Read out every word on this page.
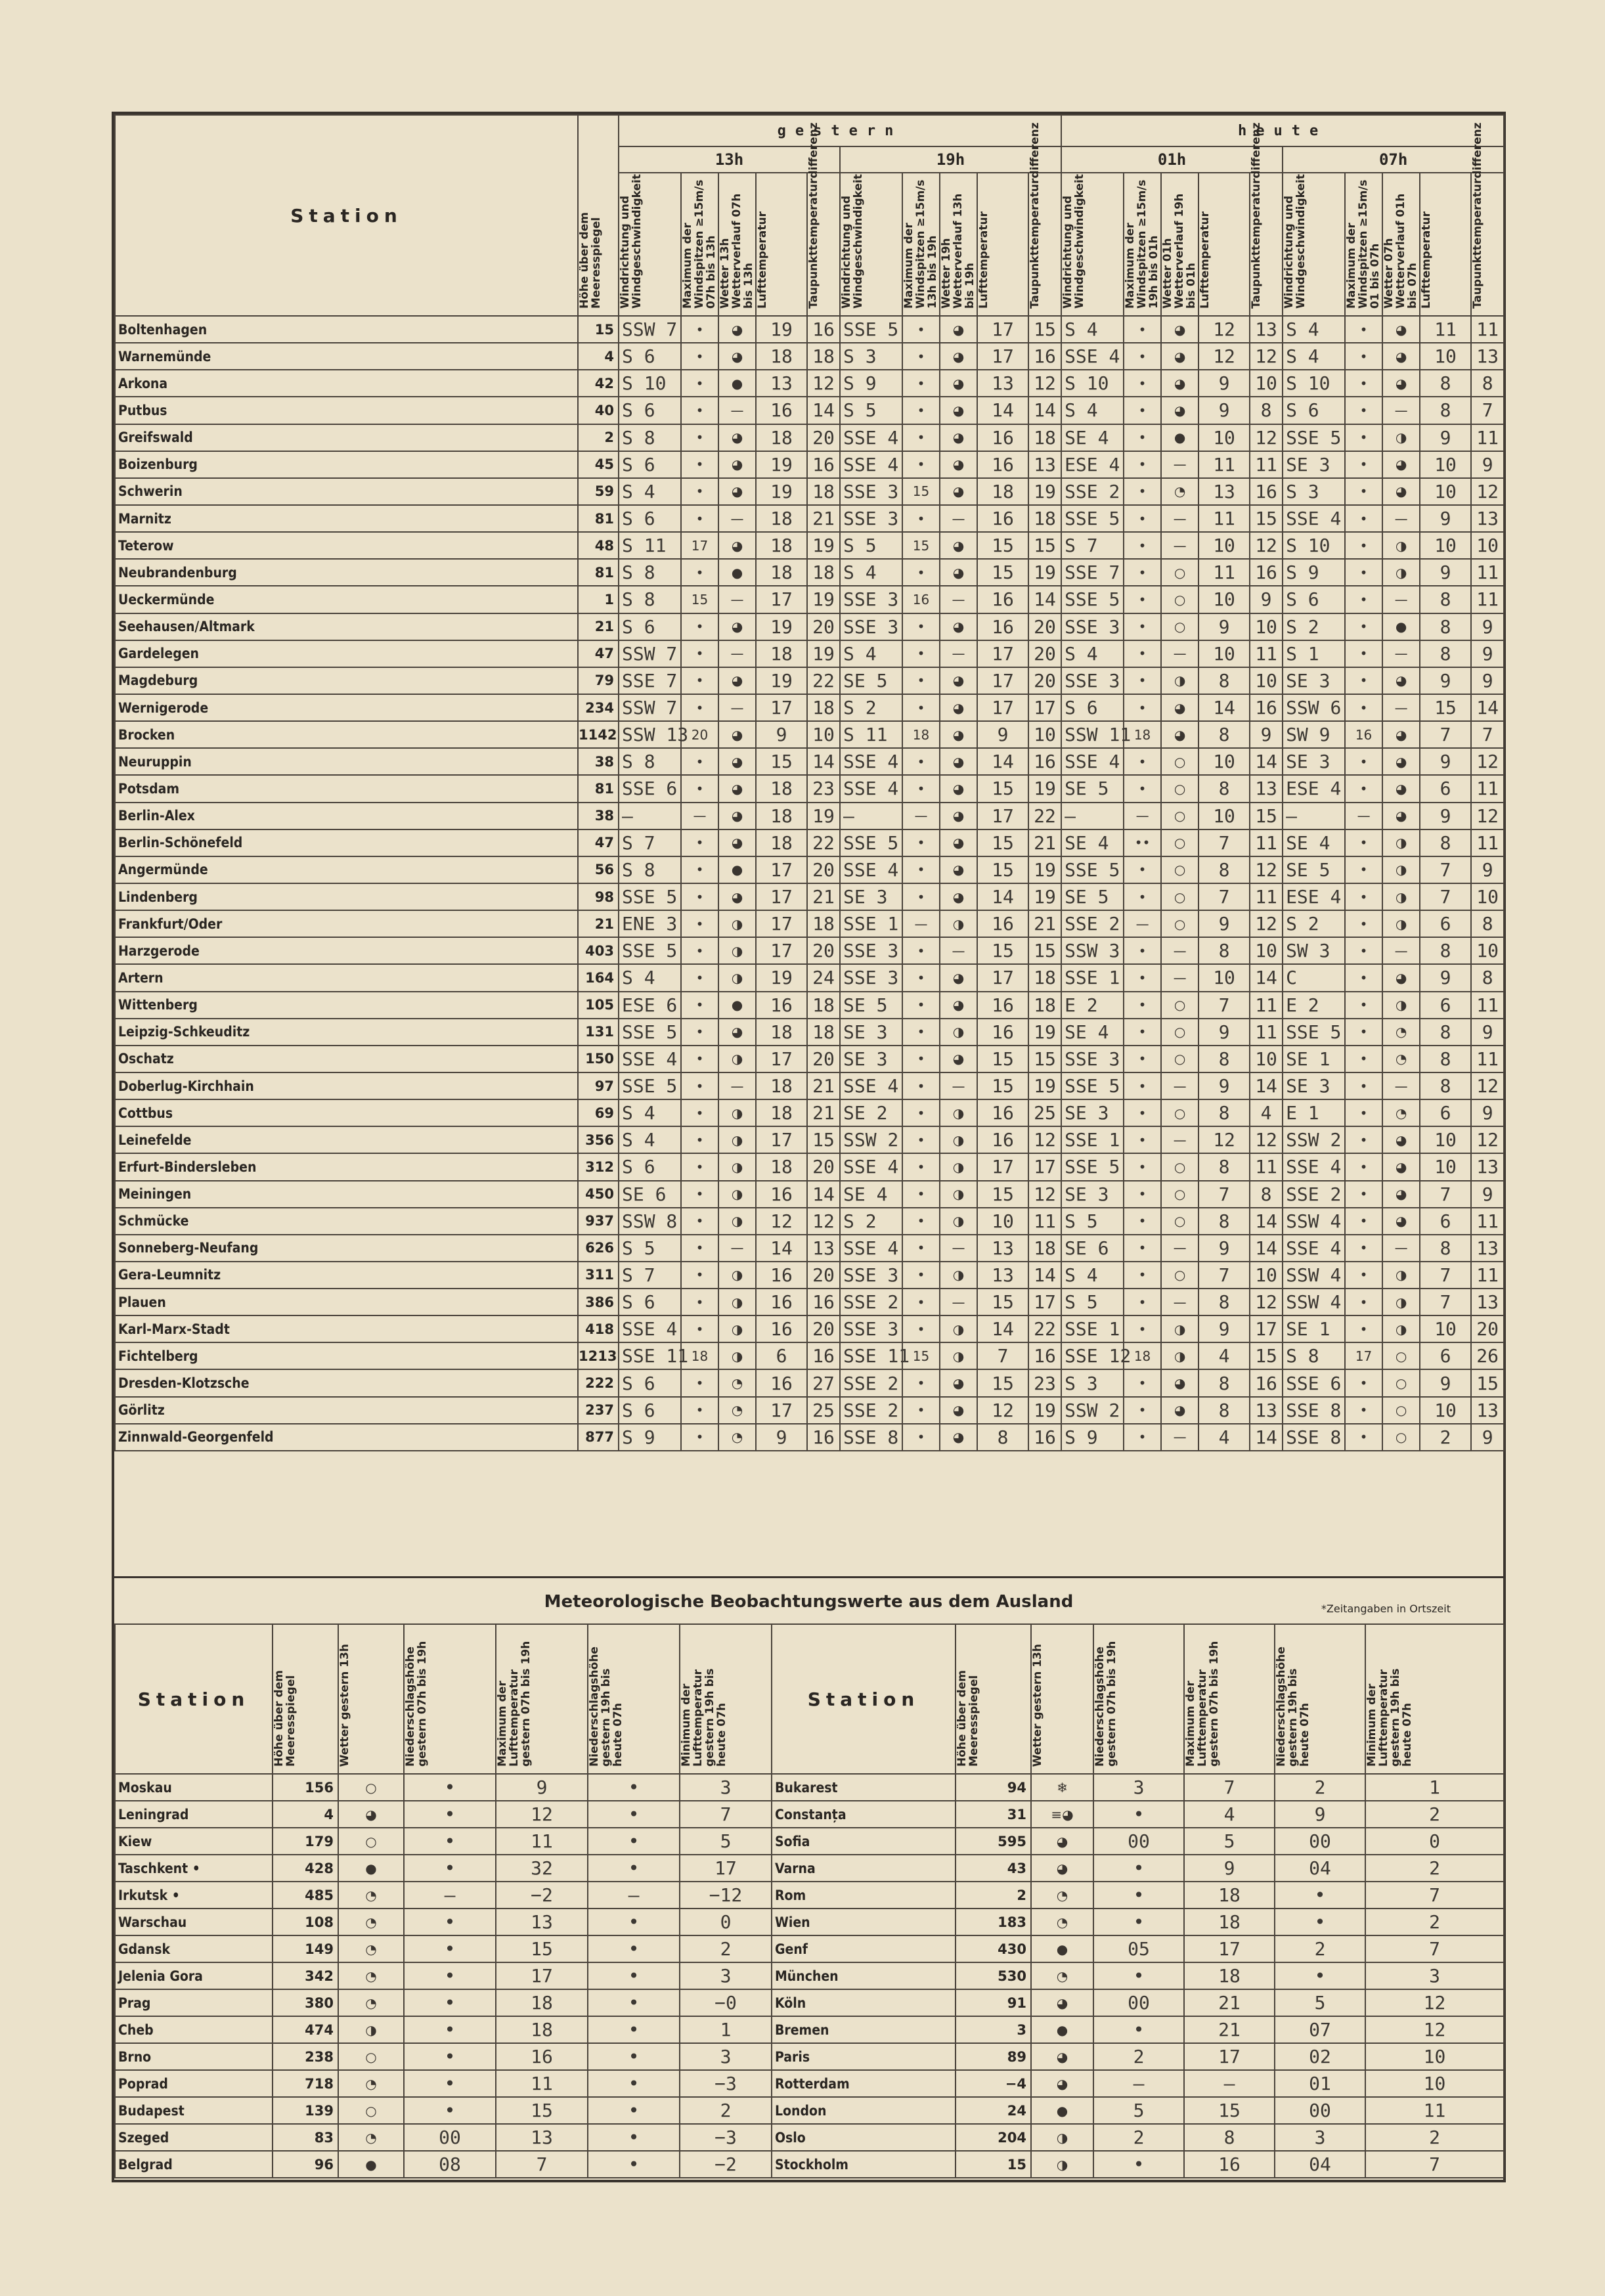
Station	Höhe über dem Meeresspiegel	gestern										heute									
		13h					19h					01h					07h				
		Windrichtung und Windgeschwindigkeit	Maximum der Windspitzen ≥15m/s 07h bis 13h	Wetter 13h Wetterverlauf 07h bis 13h	Lufttemperatur	Taupunkttemperaturdifferenz	Windrichtung und Windgeschwindigkeit	Maximum der Windspitzen ≥15m/s 13h bis 19h	Wetter 19h Wetterverlauf 13h bis 19h	Lufttemperatur	Taupunkttemperaturdifferenz	Windrichtung und Windgeschwindigkeit	Maximum der Windspitzen ≥15m/s 19h bis 01h	Wetter 01h Wetterverlauf 19h bis 01h	Lufttemperatur	Taupunkttemperaturdifferenz	Windrichtung und Windgeschwindigkeit	Maximum der Windspitzen ≥15m/s 01 bis 07h	Wetter 07h Wetterverlauf 01h bis 07h	Lufttemperatur	Taupunkttemperaturdifferenz
Boltenhagen	15	SSW 7	•	◕	19	16	SSE 5	•	◕	17	15	S 4	•	◕	12	13	S 4	•	◕	11	11
Warnemünde	4	S 6	•	◕	18	18	S 3	•	◕	17	16	SSE 4	•	◕	12	12	S 4	•	◕	10	13
Arkona	42	S 10	•	●	13	12	S 9	•	◕	13	12	S 10	•	◕	9	10	S 10	•	◕	8	8
Putbus	40	S 6	•	—	16	14	S 5	•	◕	14	14	S 4	•	◕	9	8	S 6	•	—	8	7
Greifswald	2	S 8	•	◕	18	20	SSE 4	•	◕	16	18	SE 4	•	●	10	12	SSE 5	•	◑	9	11
Boizenburg	45	S 6	•	◕	19	16	SSE 4	•	◕	16	13	ESE 4	•	—	11	11	SE 3	•	◕	10	9
Schwerin	59	S 4	•	◕	19	18	SSE 3	15	◕	18	19	SSE 2	•	◔	13	16	S 3	•	◕	10	12
Marnitz	81	S 6	•	—	18	21	SSE 3	•	—	16	18	SSE 5	•	—	11	15	SSE 4	•	—	9	13
Teterow	48	S 11	17	◕	18	19	S 5	15	◕	15	15	S 7	•	—	10	12	S 10	•	◑	10	10
Neubrandenburg	81	S 8	•	●	18	18	S 4	•	◕	15	19	SSE 7	•	○	11	16	S 9	•	◑	9	11
Ueckermünde	1	S 8	15	—	17	19	SSE 3	16	—	16	14	SSE 5	•	○	10	9	S 6	•	—	8	11
Seehausen/Altmark	21	S 6	•	◕	19	20	SSE 3	•	◕	16	20	SSE 3	•	○	9	10	S 2	•	●	8	9
Gardelegen	47	SSW 7	•	—	18	19	S 4	•	—	17	20	S 4	•	—	10	11	S 1	•	—	8	9
Magdeburg	79	SSE 7	•	◕	19	22	SE 5	•	◕	17	20	SSE 3	•	◑	8	10	SE 3	•	◕	9	9
Wernigerode	234	SSW 7	•	—	17	18	S 2	•	◕	17	17	S 6	•	◕	14	16	SSW 6	•	—	15	14
Brocken	1142	SSW 13	20	◕	9	10	S 11	18	◕	9	10	SSW 11	18	◕	8	9	SW 9	16	◕	7	7
Neuruppin	38	S 8	•	◕	15	14	SSE 4	•	◕	14	16	SSE 4	•	○	10	14	SE 3	•	◕	9	12
Potsdam	81	SSE 6	•	◕	18	23	SSE 4	•	◕	15	19	SE 5	•	○	8	13	ESE 4	•	◕	6	11
Berlin-Alex	38	—	—	◕	18	19	—	—	◕	17	22	—	—	○	10	15	—	—	◕	9	12
Berlin-Schönefeld	47	S 7	•	◕	18	22	SSE 5	•	◕	15	21	SE 4	••	○	7	11	SE 4	•	◑	8	11
Angermünde	56	S 8	•	●	17	20	SSE 4	•	◕	15	19	SSE 5	•	○	8	12	SE 5	•	◑	7	9
Lindenberg	98	SSE 5	•	◕	17	21	SE 3	•	◕	14	19	SE 5	•	○	7	11	ESE 4	•	◑	7	10
Frankfurt/Oder	21	ENE 3	•	◑	17	18	SSE 1	—	◑	16	21	SSE 2	—	○	9	12	S 2	•	◑	6	8
Harzgerode	403	SSE 5	•	◑	17	20	SSE 3	•	—	15	15	SSW 3	•	—	8	10	SW 3	•	—	8	10
Artern	164	S 4	•	◑	19	24	SSE 3	•	◕	17	18	SSE 1	•	—	10	14	C	•	◕	9	8
Wittenberg	105	ESE 6	•	●	16	18	SE 5	•	◕	16	18	E 2	•	○	7	11	E 2	•	◑	6	11
Leipzig-Schkeuditz	131	SSE 5	•	◕	18	18	SE 3	•	◑	16	19	SE 4	•	○	9	11	SSE 5	•	◔	8	9
Oschatz	150	SSE 4	•	◑	17	20	SE 3	•	◕	15	15	SSE 3	•	○	8	10	SE 1	•	◔	8	11
Doberlug-Kirchhain	97	SSE 5	•	—	18	21	SSE 4	•	—	15	19	SSE 5	•	—	9	14	SE 3	•	—	8	12
Cottbus	69	S 4	•	◑	18	21	SE 2	•	◑	16	25	SE 3	•	○	8	4	E 1	•	◔	6	9
Leinefelde	356	S 4	•	◑	17	15	SSW 2	•	◑	16	12	SSE 1	•	—	12	12	SSW 2	•	◕	10	12
Erfurt-Bindersleben	312	S 6	•	◑	18	20	SSE 4	•	◑	17	17	SSE 5	•	○	8	11	SSE 4	•	◕	10	13
Meiningen	450	SE 6	•	◑	16	14	SE 4	•	◑	15	12	SE 3	•	○	7	8	SSE 2	•	◕	7	9
Schmücke	937	SSW 8	•	◑	12	12	S 2	•	◑	10	11	S 5	•	○	8	14	SSW 4	•	◕	6	11
Sonneberg-Neufang	626	S 5	•	—	14	13	SSE 4	•	—	13	18	SE 6	•	—	9	14	SSE 4	•	—	8	13
Gera-Leumnitz	311	S 7	•	◑	16	20	SSE 3	•	◑	13	14	S 4	•	○	7	10	SSW 4	•	◑	7	11
Plauen	386	S 6	•	◑	16	16	SSE 2	•	—	15	17	S 5	•	—	8	12	SSW 4	•	◑	7	13
Karl-Marx-Stadt	418	SSE 4	•	◑	16	20	SSE 3	•	◑	14	22	SSE 1	•	◑	9	17	SE 1	•	◑	10	20
Fichtelberg	1213	SSE 11	18	◑	6	16	SSE 11	15	◑	7	16	SSE 12	18	◑	4	15	S 8	17	○	6	26
Dresden-Klotzsche	222	S 6	•	◔	16	27	SSE 2	•	◕	15	23	S 3	•	◕	8	16	SSE 6	•	○	9	15
Görlitz	237	S 6	•	◔	17	25	SSE 2	•	◕	12	19	SSW 2	•	◕	8	13	SSE 8	•	○	10	13
Zinnwald-Georgenfeld	877	S 9	•	◔	9	16	SSE 8	•	◕	8	16	S 9	•	—	4	14	SSE 8	•	○	2	9
Meteorologische Beobachtungswerte aus dem Ausland	*Zeitangaben in Ortszeit
Station	Höhe über dem Meeresspiegel	Wetter gestern 13h	Niederschlagshöhe gestern 07h bis 19h	Maximum der Lufttemperatur gestern 07h bis 19h	Niederschlagshöhe gestern 19h bis heute 07h	Minimum der Lufttemperatur gestern 19h bis heute 07h	Station	Höhe über dem Meeresspiegel	Wetter gestern 13h	Niederschlagshöhe gestern 07h bis 19h	Maximum der Lufttemperatur gestern 07h bis 19h	Niederschlagshöhe gestern 19h bis heute 07h	Minimum der Lufttemperatur gestern 19h bis heute 07h
Moskau	156	○	•	9	•	3	Bukarest	94	❄	3	7	2	1
Leningrad	4	◕	•	12	•	7	Constanța	31	≡◕	•	4	9	2
Kiew	179	○	•	11	•	5	Sofia	595	◕	00	5	00	0
Taschkent •	428	●	•	32	•	17	Varna	43	◕	•	9	04	2
Irkutsk •	485	◔	—	−2	—	−12	Rom	2	◔	•	18	•	7
Warschau	108	◔	•	13	•	0	Wien	183	◔	•	18	•	2
Gdansk	149	◔	•	15	•	2	Genf	430	●	05	17	2	7
Jelenia Gora	342	◔	•	17	•	3	München	530	◔	•	18	•	3
Prag	380	◔	•	18	•	−0	Köln	91	◕	00	21	5	12
Cheb	474	◑	•	18	•	1	Bremen	3	●	•	21	07	12
Brno	238	○	•	16	•	3	Paris	89	◕	2	17	02	10
Poprad	718	◔	•	11	•	−3	Rotterdam	−4	◕	—	—	01	10
Budapest	139	○	•	15	•	2	London	24	●	5	15	00	11
Szeged	83	◔	00	13	•	−3	Oslo	204	◑	2	8	3	2
Belgrad	96	●	08	7	•	−2	Stockholm	15	◑	•	16	04	7
